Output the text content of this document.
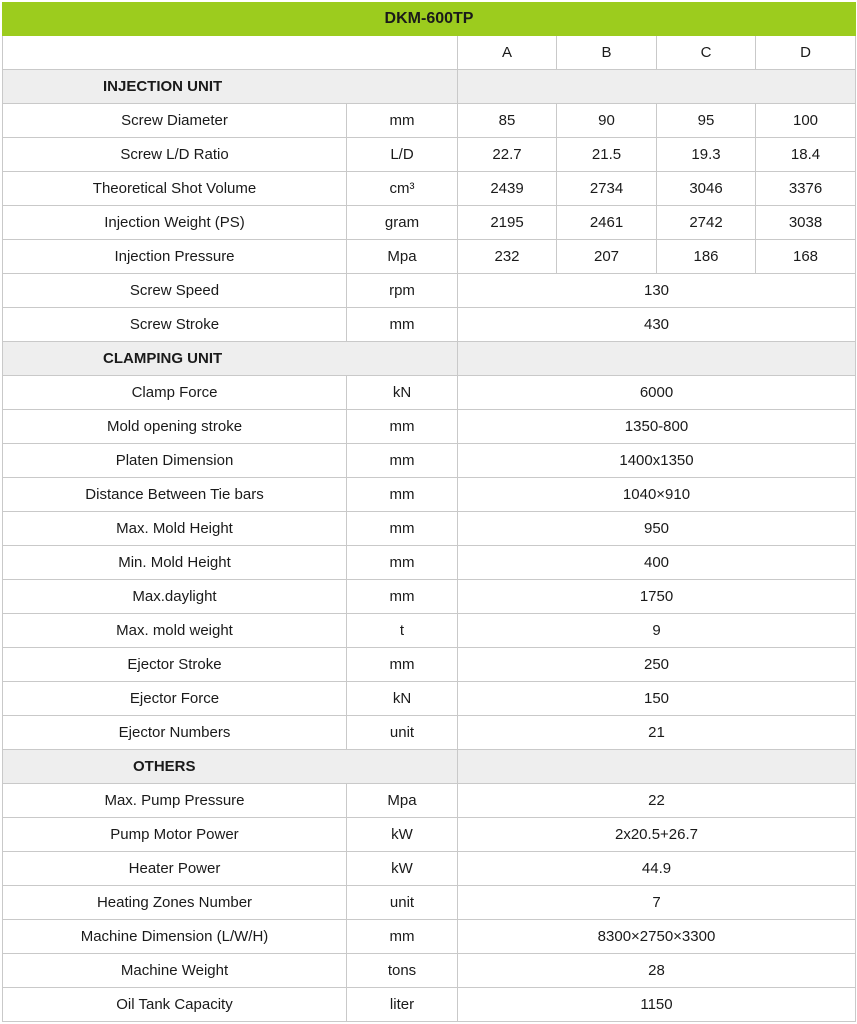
DKM-600TP					
		A	B	C	D
INJECTION UNIT					
Screw Diameter	mm	85	90	95	100
Screw L/D Ratio	L/D	22.7	21.5	19.3	18.4
Theoretical Shot Volume	cm³	2439	2734	3046	3376
Injection Weight (PS)	gram	2195	2461	2742	3038
Injection Pressure	Mpa	232	207	186	168
Screw Speed	rpm	130			
Screw Stroke	mm	430			
CLAMPING UNIT					
Clamp Force	kN	6000			
Mold opening stroke	mm	1350-800			
Platen Dimension	mm	1400x1350			
Distance Between Tie bars	mm	1040×910			
Max. Mold Height	mm	950			
Min. Mold Height	mm	400			
Max.daylight	mm	1750			
Max. mold weight	t	9			
Ejector Stroke	mm	250			
Ejector Force	kN	150			
Ejector Numbers	unit	21			
OTHERS					
Max. Pump Pressure	Mpa	22			
Pump Motor Power	kW	2x20.5+26.7			
Heater Power	kW	44.9			
Heating Zones Number	unit	7			
Machine Dimension (L/W/H)	mm	8300×2750×3300			
Machine Weight	tons	28			
Oil Tank Capacity	liter	1150			
